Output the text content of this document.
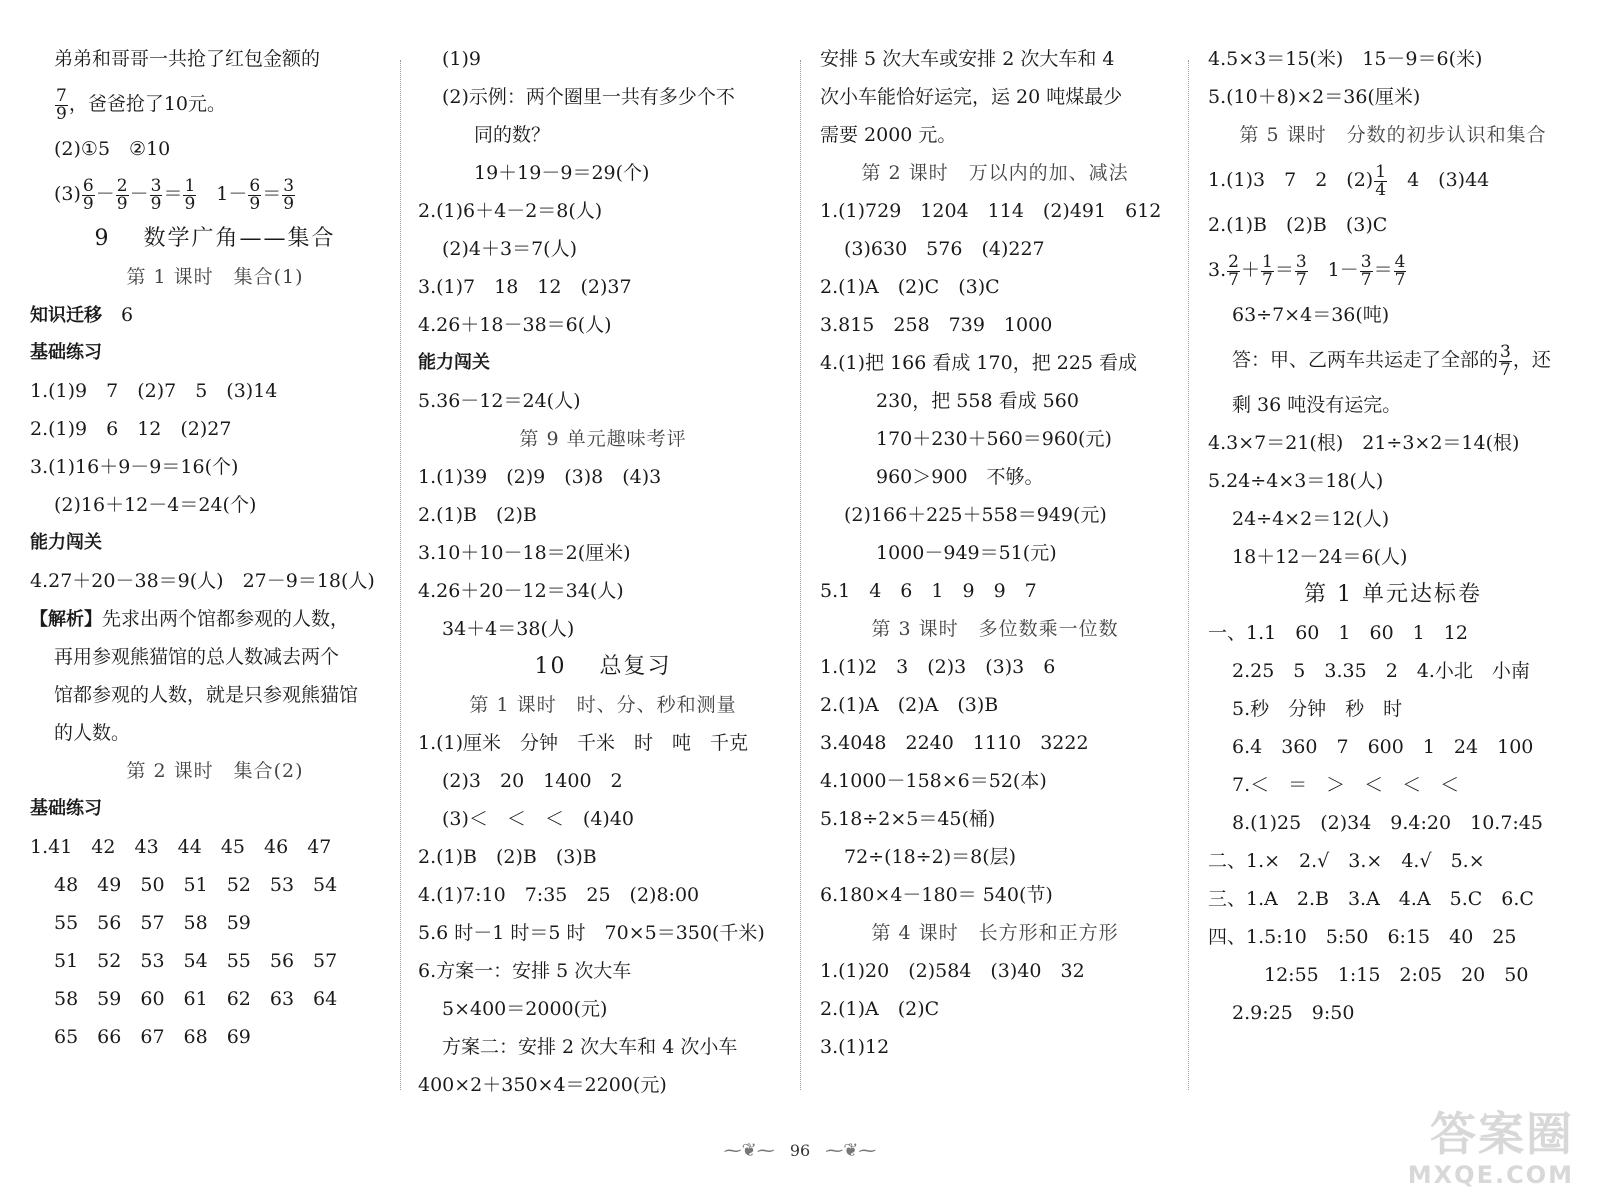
弟弟和哥哥一共抢了红包金额的
$\frac{7}{9}$ ，爸爸抢了10元。
(2)①5　②10
$(3) \frac{6}{9} - \frac{2}{9} - \frac{3}{9} = \frac{1}{9}$
　 $1- \frac{6}{9} = \frac{3}{9}$
9　 数学广角——集合
第 1 课时　集合(1)
知识迁移　 6
基础练习
1.(1)9　7　(2)7　5　(3)14
2.(1)9　6　12　(2)27
3.(1)16＋9－9＝16(个)
(2)16＋12－4＝24(个)
能力闯关
4.27＋20－38＝9(人)　27－9＝18(人)
【解析】先求出两个馆都参观的人数，
再用参观熊猫馆的总人数减去两个
馆都参观的人数，就是只参观熊猫馆
的人数。
第 2 课时　集合(2)
基础练习
1.41　42　43　44　45　46　47
48　49　50　51　52　53　54
55　56　57　58　59
51　52　53　54　55　56　57
58　59　60　61　62　63　64
65　66　67　68　69
(1)9
(2)示例：两个圈里一共有多少个不
同的数？
19＋19－9＝29(个)
2.(1)6＋4－2＝8(人)
(2)4＋3＝7(人)
3.(1)7　18　12　(2)37
4.26＋18－38＝6(人)
能力闯关
5.36－12＝24(人)
第 9 单元趣味考评
1.(1)39　(2)9　(3)8　(4)3
2.(1)B　(2)B
3.10＋10－18＝2(厘米)
4.26＋20－12＝34(人)
34＋4＝38(人)
10　 总复习
第 1 课时　时、分、秒和测量
1.(1)厘米　分钟　千米　时　吨　千克
(2)3　20　1400　2
(3)＜　＜　＜　(4)40
2.(1)B　(2)B　(3)B
4.(1)7:10　7:35　25　(2)8:00
5.6 时－1 时＝5 时　70×5＝350(千米)
6.方案一：安排 5 次大车
5×400＝2000(元)
方案二：安排 2 次大车和 4 次小车
400×2＋350×4＝2200(元)
安排 5 次大车或安排 2 次大车和 4
次小车能恰好运完，运 20 吨煤最少
需要 2000 元。
第 2 课时　万以内的加、减法
1.(1)729　1204　114　(2)491　612
(3)630　576　(4)227
2.(1)A　(2)C　(3)C
3.815　258　739　1000
4.(1)把 166 看成 170，把 225 看成
230，把 558 看成 560
170＋230＋560＝960(元)
960＞900　不够。
(2)166＋225＋558＝949(元)
1000－949＝51(元)
5.1　4　6　1　9　9　7
第 3 课时　多位数乘一位数
1.(1)2　3　(2)3　(3)3　6
2.(1)A　(2)A　(3)B
3.4048　2240　1110　3222
4.1000－158×6＝52(本)
5.18÷2×5＝45(桶)
72÷(18÷2)＝8(层)
6.180×4－180＝ 540(节)
第 4 课时　长方形和正方形
1.(1)20　(2)584　(3)40　32
2.(1)A　(2)C
3.(1)12
4.5×3＝15(米)　15－9＝6(米)
5.(10＋8)×2＝36(厘米)
第 5 课时　分数的初步认识和集合
1.(1)3　7　2　$(2) \frac{1}{4}$ 　4　(3)44
2.(1)B　(2)B　(3)C
3. $\frac{2}{7} + \frac{1}{7} = \frac{3}{7}$
　 $1- \frac{3}{7} = \frac{4}{7}$
63÷7×4＝36(吨)
答：甲、乙两车共运走了全部的 $\frac{3}{7}$ ，还
剩 36 吨没有运完。
4.3×7＝21(根)　21÷3×2＝14(根)
5.24÷4×3＝18(人)
24÷4×2＝12(人)
18＋12－24＝6(人)
第 1 单元达标卷
一、1.1　60　1　60　1　12
2.25　5　3.35　2　4.小北　小南
5.秒　分钟　秒　时
6.4　360　7　600　1　24　100
7.＜　＝　＞　＜　＜　＜
8.(1)25　(2)34　9.4:20　10.7:45
二、1.×　2.√　3.×　4.√　5.×
三、1.A　2.B　3.A　4.A　5.C　6.C
四、1.5:10　5:50　6:15　40　25
12:55　1:15　2:05　20　50
2.9:25　9:50
⁓❦⁓ 96 ⁓❦⁓	答案圈
MXQE.COM
